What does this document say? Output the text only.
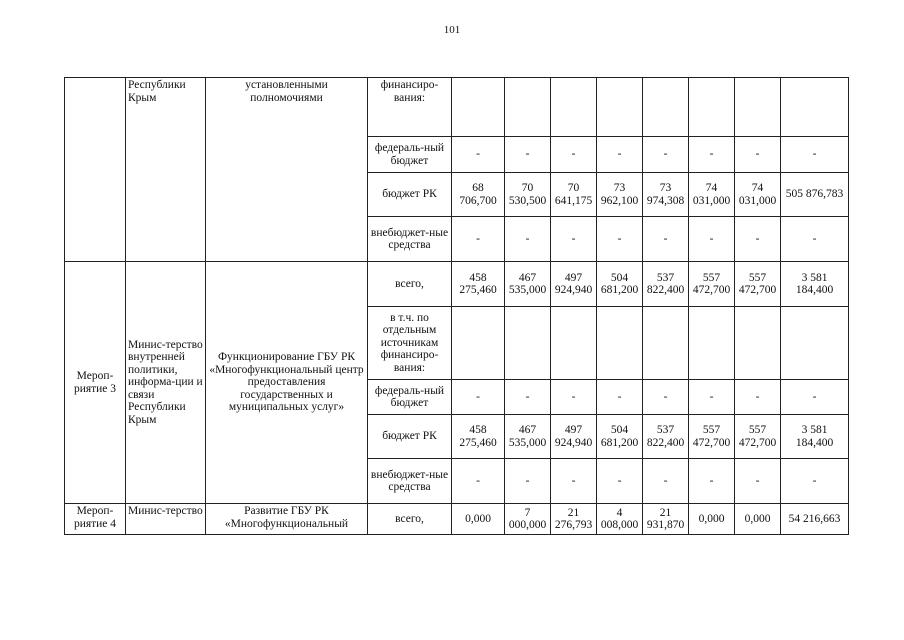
101
	Республики Крым	установленными полномочиями	финансиро-вания:								
			федераль-ный бюджет	-	-	-	-	-	-	-	-
			бюджет РК	68 706,700	70 530,500	70 641,175	73 962,100	73 974,308	74 031,000	74 031,000	505 876,783
			внебюджет-ные средства	-	-	-	-	-	-	-	-
Мероп-риятие 3	Минис-терство внутренней политики, информа-ции и связи Республики Крым	Функционирование ГБУ РК «Многофункциональный центр предоставления государственных и муниципальных услуг»	всего,	458 275,460	467 535,000	497 924,940	504 681,200	537 822,400	557 472,700	557 472,700	3 581 184,400
			в т.ч. по отдельным источникам финансиро-вания:								
			федераль-ный бюджет	-	-	-	-	-	-	-	-
			бюджет РК	458 275,460	467 535,000	497 924,940	504 681,200	537 822,400	557 472,700	557 472,700	3 581 184,400
			внебюджет-ные средства	-	-	-	-	-	-	-	-
Мероп-риятие 4	Минис-терство	Развитие ГБУ РК «Многофункциональный	всего,	0,000	7 000,000	21 276,793	4 008,000	21 931,870	0,000	0,000	54 216,663
